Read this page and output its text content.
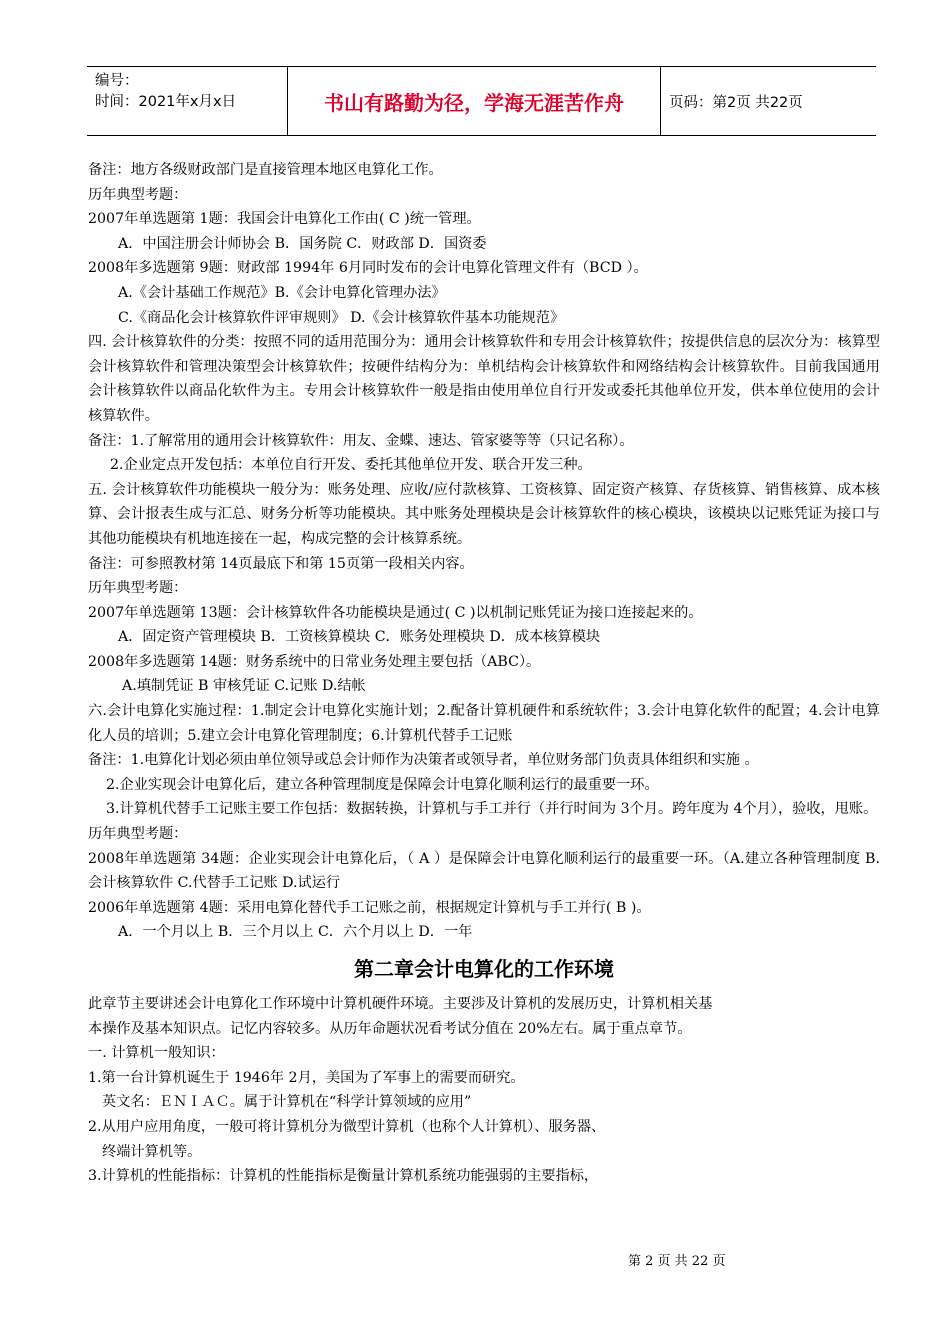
编号：
时间：2021年x月x日	书山有路勤为径，学海无涯苦作舟	页码：第2页 共22页

备注：地方各级财政部门是直接管理本地区电算化工作。

历年典型考题：

2007年单选题第 1题：我国会计电算化工作由( C )统一管理。

A．中国注册会计师协会 B．国务院 C．财政部 D．国资委

2008年多选题第 9题：财政部 1994年 6月同时发布的会计电算化管理文件有（BCD ）。

A.《会计基础工作规范》B.《会计电算化管理办法》

C.《商品化会计核算软件评审规则》 D.《会计核算软件基本功能规范》

四. 会计核算软件的分类：按照不同的适用范围分为：通用会计核算软件和专用会计核算软件；按提供信息的层次分为：核算型会计核算软件和管理决策型会计核算软件；按硬件结构分为：单机结构会计核算软件和网络结构会计核算软件。目前我国通用会计核算软件以商品化软件为主。专用会计核算软件一般是指由使用单位自行开发或委托其他单位开发，供本单位使用的会计核算软件。

备注：1.了解常用的通用会计核算软件：用友、金蝶、速达、管家婆等等（只记名称）。

2.企业定点开发包括：本单位自行开发、委托其他单位开发、联合开发三种。

五. 会计核算软件功能模块一般分为：账务处理、应收/应付款核算、工资核算、固定资产核算、存货核算、销售核算、成本核算、会计报表生成与汇总、财务分析等功能模块。其中账务处理模块是会计核算软件的核心模块，该模块以记账凭证为接口与其他功能模块有机地连接在一起，构成完整的会计核算系统。

备注：可参照教材第 14页最底下和第 15页第一段相关内容。

历年典型考题：

2007年单选题第 13题：会计核算软件各功能模块是通过( C )以机制记账凭证为接口连接起来的。

A．固定资产管理模块 B．工资核算模块 C．账务处理模块 D．成本核算模块

2008年多选题第 14题：财务系统中的日常业务处理主要包括（ABC）。

A.填制凭证 B 审核凭证 C.记账 D.结帐

六.会计电算化实施过程：1.制定会计电算化实施计划；2.配备计算机硬件和系统软件；3.会计电算化软件的配置；4.会计电算化人员的培训；5.建立会计电算化管理制度；6.计算机代替手工记账

备注：1.电算化计划必须由单位领导或总会计师作为决策者或领导者，单位财务部门负责具体组织和实施 。

2.企业实现会计电算化后，建立各种管理制度是保障会计电算化顺利运行的最重要一环。

3.计算机代替手工记账主要工作包括：数据转换，计算机与手工并行（并行时间为 3个月。跨年度为 4个月），验收，甩账。

历年典型考题：

2008年单选题第 34题：企业实现会计电算化后，（ A ）是保障会计电算化顺利运行的最重要一环。（A.建立各种管理制度 B.会计核算软件 C.代替手工记账 D.试运行

2006年单选题第 4题：采用电算化替代手工记账之前，根据规定计算机与手工并行( B )。

A．一个月以上 B．三个月以上 C．六个月以上 D．一年

第二章会计电算化的工作环境

此章节主要讲述会计电算化工作环境中计算机硬件环境。主要涉及计算机的发展历史，计算机相关基

本操作及基本知识点。记忆内容较多。从历年命题状况看考试分值在 20%左右。属于重点章节。

一. 计算机一般知识：

1.第一台计算机诞生于 1946年 2月，美国为了军事上的需要而研究。

英文名：ＥＮＩＡＣ。属于计算机在“科学计算领域的应用”

2.从用户应用角度，一般可将计算机分为微型计算机（也称个人计算机）、服务器、

终端计算机等。

3.计算机的性能指标：计算机的性能指标是衡量计算机系统功能强弱的主要指标，

第 2 页 共 22 页
